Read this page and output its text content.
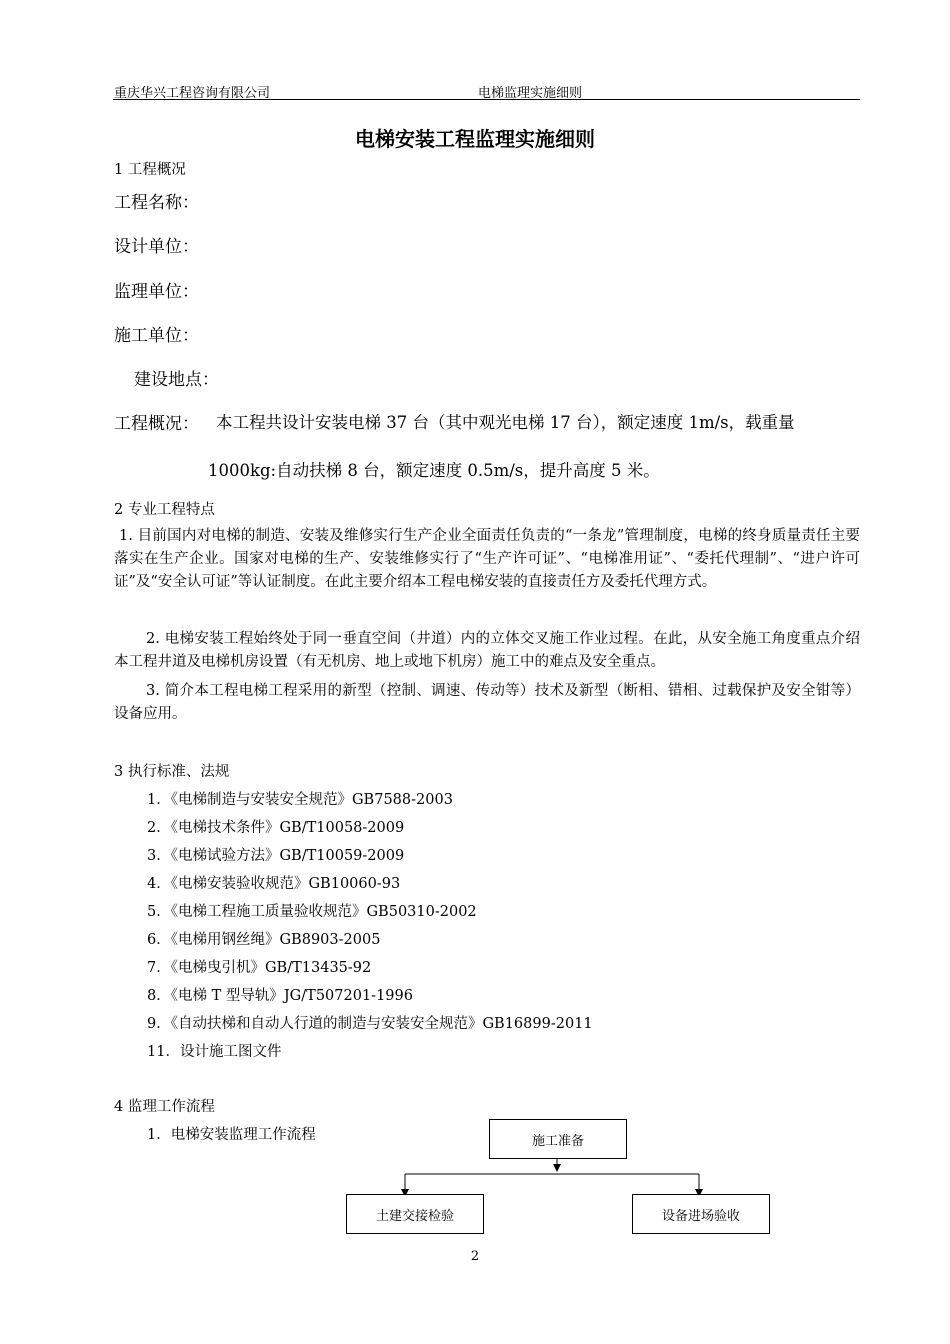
重庆华兴工程咨询有限公司	电梯监理实施细则
电梯安装工程监理实施细则
1 工程概况
工程名称：
设计单位：
监理单位：
施工单位：
建设地点：
工程概况： 本工程共设计安装电梯 37 台（其中观光电梯 17 台），额定速度 1m/s，载重量
1000kg:自动扶梯 8 台，额定速度 0.5m/s，提升高度 5 米。
2 专业工程特点
1. 目前国内对电梯的制造、安装及维修实行生产企业全面责任负责的“一条龙”管理制度，电梯的终身质量责任主要落实在生产企业。国家对电梯的生产、安装维修实行了“生产许可证”、“电梯准用证”、“委托代理制”、“进户许可证”及“安全认可证”等认证制度。在此主要介绍本工程电梯安装的直接责任方及委托代理方式。
2. 电梯安装工程始终处于同一垂直空间（井道）内的立体交叉施工作业过程。在此，从安全施工角度重点介绍本工程井道及电梯机房设置（有无机房、地上或地下机房）施工中的难点及安全重点。
3. 简介本工程电梯工程采用的新型（控制、调速、传动等）技术及新型（断相、错相、过载保护及安全钳等）设备应用。
3 执行标准、法规
1．《电梯制造与安装安全规范》GB7588-2003
2．《电梯技术条件》GB/T10058-2009
3．《电梯试验方法》GB/T10059-2009
4．《电梯安装验收规范》GB10060-93
5．《电梯工程施工质量验收规范》GB50310-2002
6．《电梯用钢丝绳》GB8903-2005
7．《电梯曳引机》GB/T13435-92
8．《电梯 T 型导轨》JG/T507201-1996
9．《自动扶梯和自动人行道的制造与安装安全规范》GB16899-2011
11．设计施工图文件
4 监理工作流程
1．电梯安装监理工作流程	施工准备
土建交接检验	设备进场验收
2
